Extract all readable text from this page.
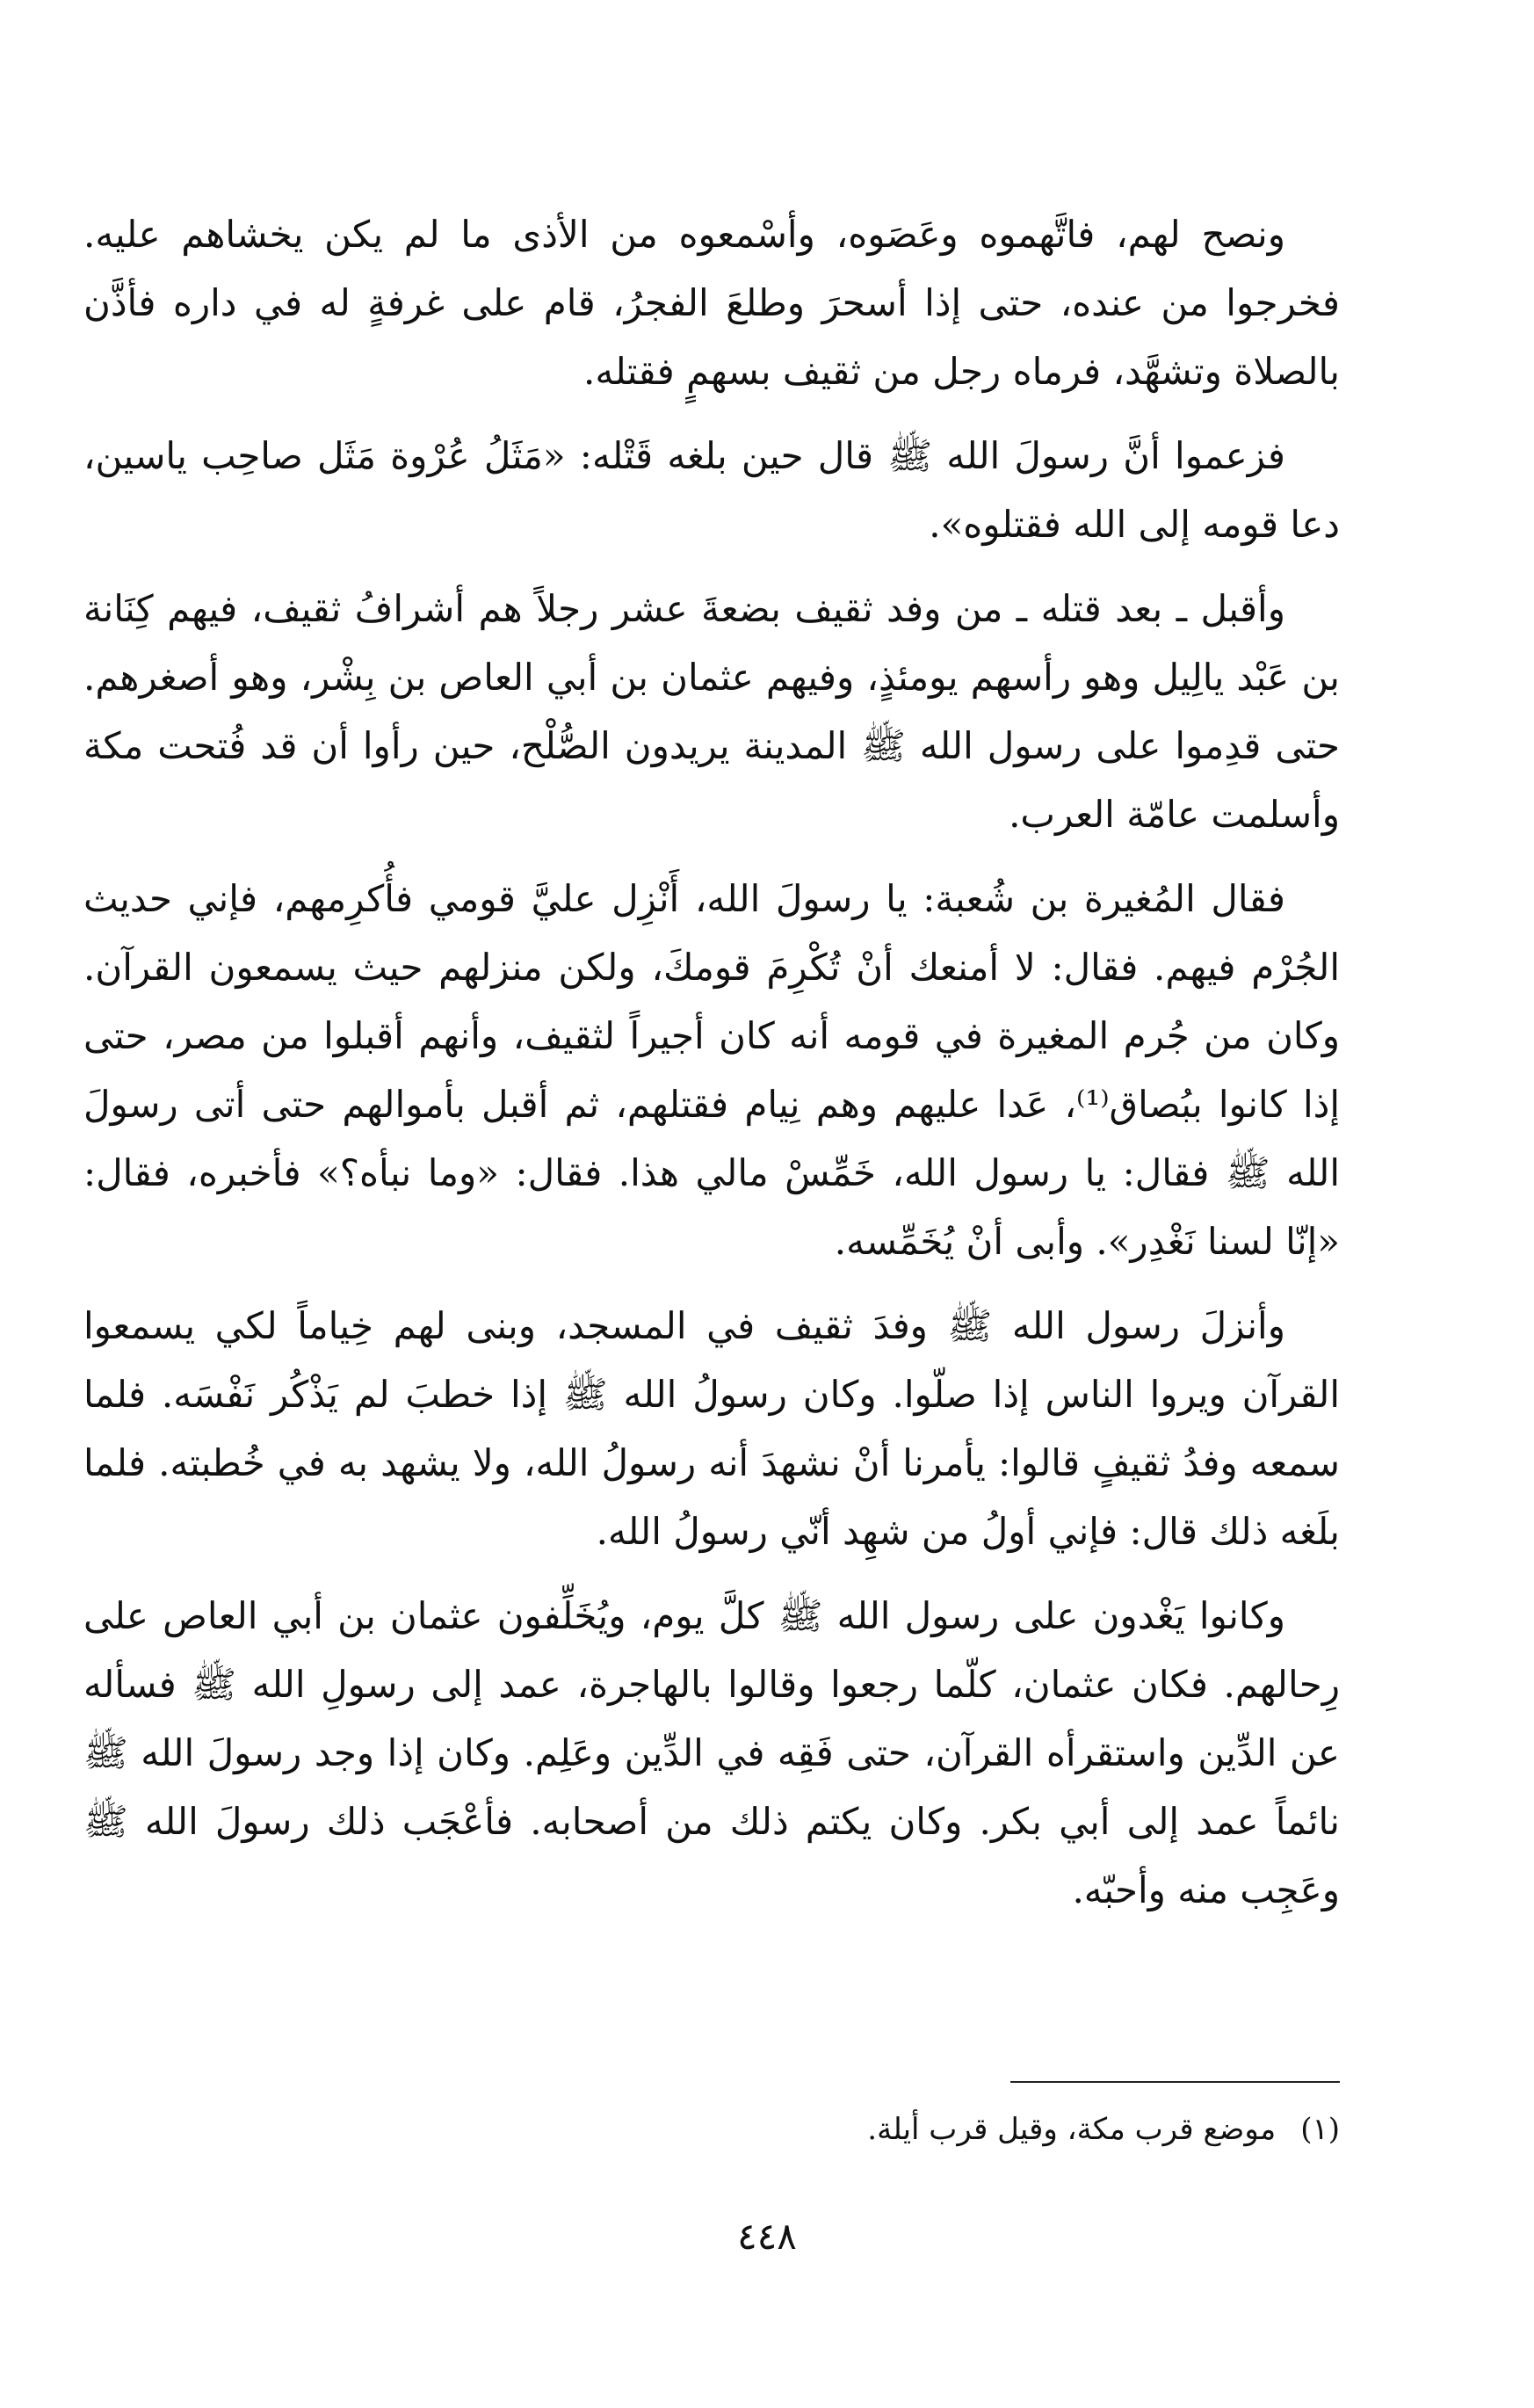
ونصح لهم، فاتَّهموه وعَصَوه، وأسْمعوه من الأذى ما لم يكن يخشاهم عليه. فخرجوا من عنده، حتى إذا أسحرَ وطلعَ الفجرُ، قام على غرفةٍ له في داره فأذَّن بالصلاة وتشهَّد، فرماه رجل من ثقيف بسهمٍ فقتله.

فزعموا أنَّ رسولَ الله ﷺ قال حين بلغه قَتْله: «مَثَلُ عُرْوة مَثَل صاحِب ياسين، دعا قومه إلى الله فقتلوه».

وأقبل ـ بعد قتله ـ من وفد ثقيف بضعةَ عشر رجلاً هم أشرافُ ثقيف، فيهم كِنَانة بن عَبْد يالِيل وهو رأسهم يومئذٍ، وفيهم عثمان بن أبي العاص بن بِشْر، وهو أصغرهم. حتى قدِموا على رسول الله ﷺ المدينة يريدون الصُّلْح، حين رأوا أن قد فُتحت مكة وأسلمت عامّة العرب.

فقال المُغيرة بن شُعبة: يا رسولَ الله، أَنْزِل عليَّ قومي فأُكرِمهم، فإني حديث الجُرْم فيهم. فقال: لا أمنعك أنْ تُكْرِمَ قومكَ، ولكن منزلهم حيث يسمعون القرآن. وكان من جُرم المغيرة في قومه أنه كان أجيراً لثقيف، وأنهم أقبلوا من مصر، حتى إذا كانوا ببُصاق⁽¹⁾، عَدا عليهم وهم نِيام فقتلهم، ثم أقبل بأموالهم حتى أتى رسولَ الله ﷺ فقال: يا رسول الله، خَمِّسْ مالي هذا. فقال: «وما نبأه؟» فأخبره، فقال: «إنّا لسنا نَغْدِر». وأبى أنْ يُخَمِّسه.

وأنزلَ رسول الله ﷺ وفدَ ثقيف في المسجد، وبنى لهم خِياماً لكي يسمعوا القرآن ويروا الناس إذا صلّوا. وكان رسولُ الله ﷺ إذا خطبَ لم يَذْكُر نَفْسَه. فلما سمعه وفدُ ثقيفٍ قالوا: يأمرنا أنْ نشهدَ أنه رسولُ الله، ولا يشهد به في خُطبته. فلما بلَغه ذلك قال: فإني أولُ من شهِد أنّي رسولُ الله.

وكانوا يَغْدون على رسول الله ﷺ كلَّ يوم، ويُخَلِّفون عثمان بن أبي العاص على رِحالهم. فكان عثمان، كلّما رجعوا وقالوا بالهاجرة، عمد إلى رسولِ الله ﷺ فسأله عن الدِّين واستقرأه القرآن، حتى فَقِه في الدِّين وعَلِم. وكان إذا وجد رسولَ الله ﷺ نائماً عمد إلى أبي بكر. وكان يكتم ذلك من أصحابه. فأعْجَب ذلك رسولَ الله ﷺ وعَجِب منه وأحبّه.

(١)موضع قرب مكة، وقيل قرب أيلة.
٤٤٨
